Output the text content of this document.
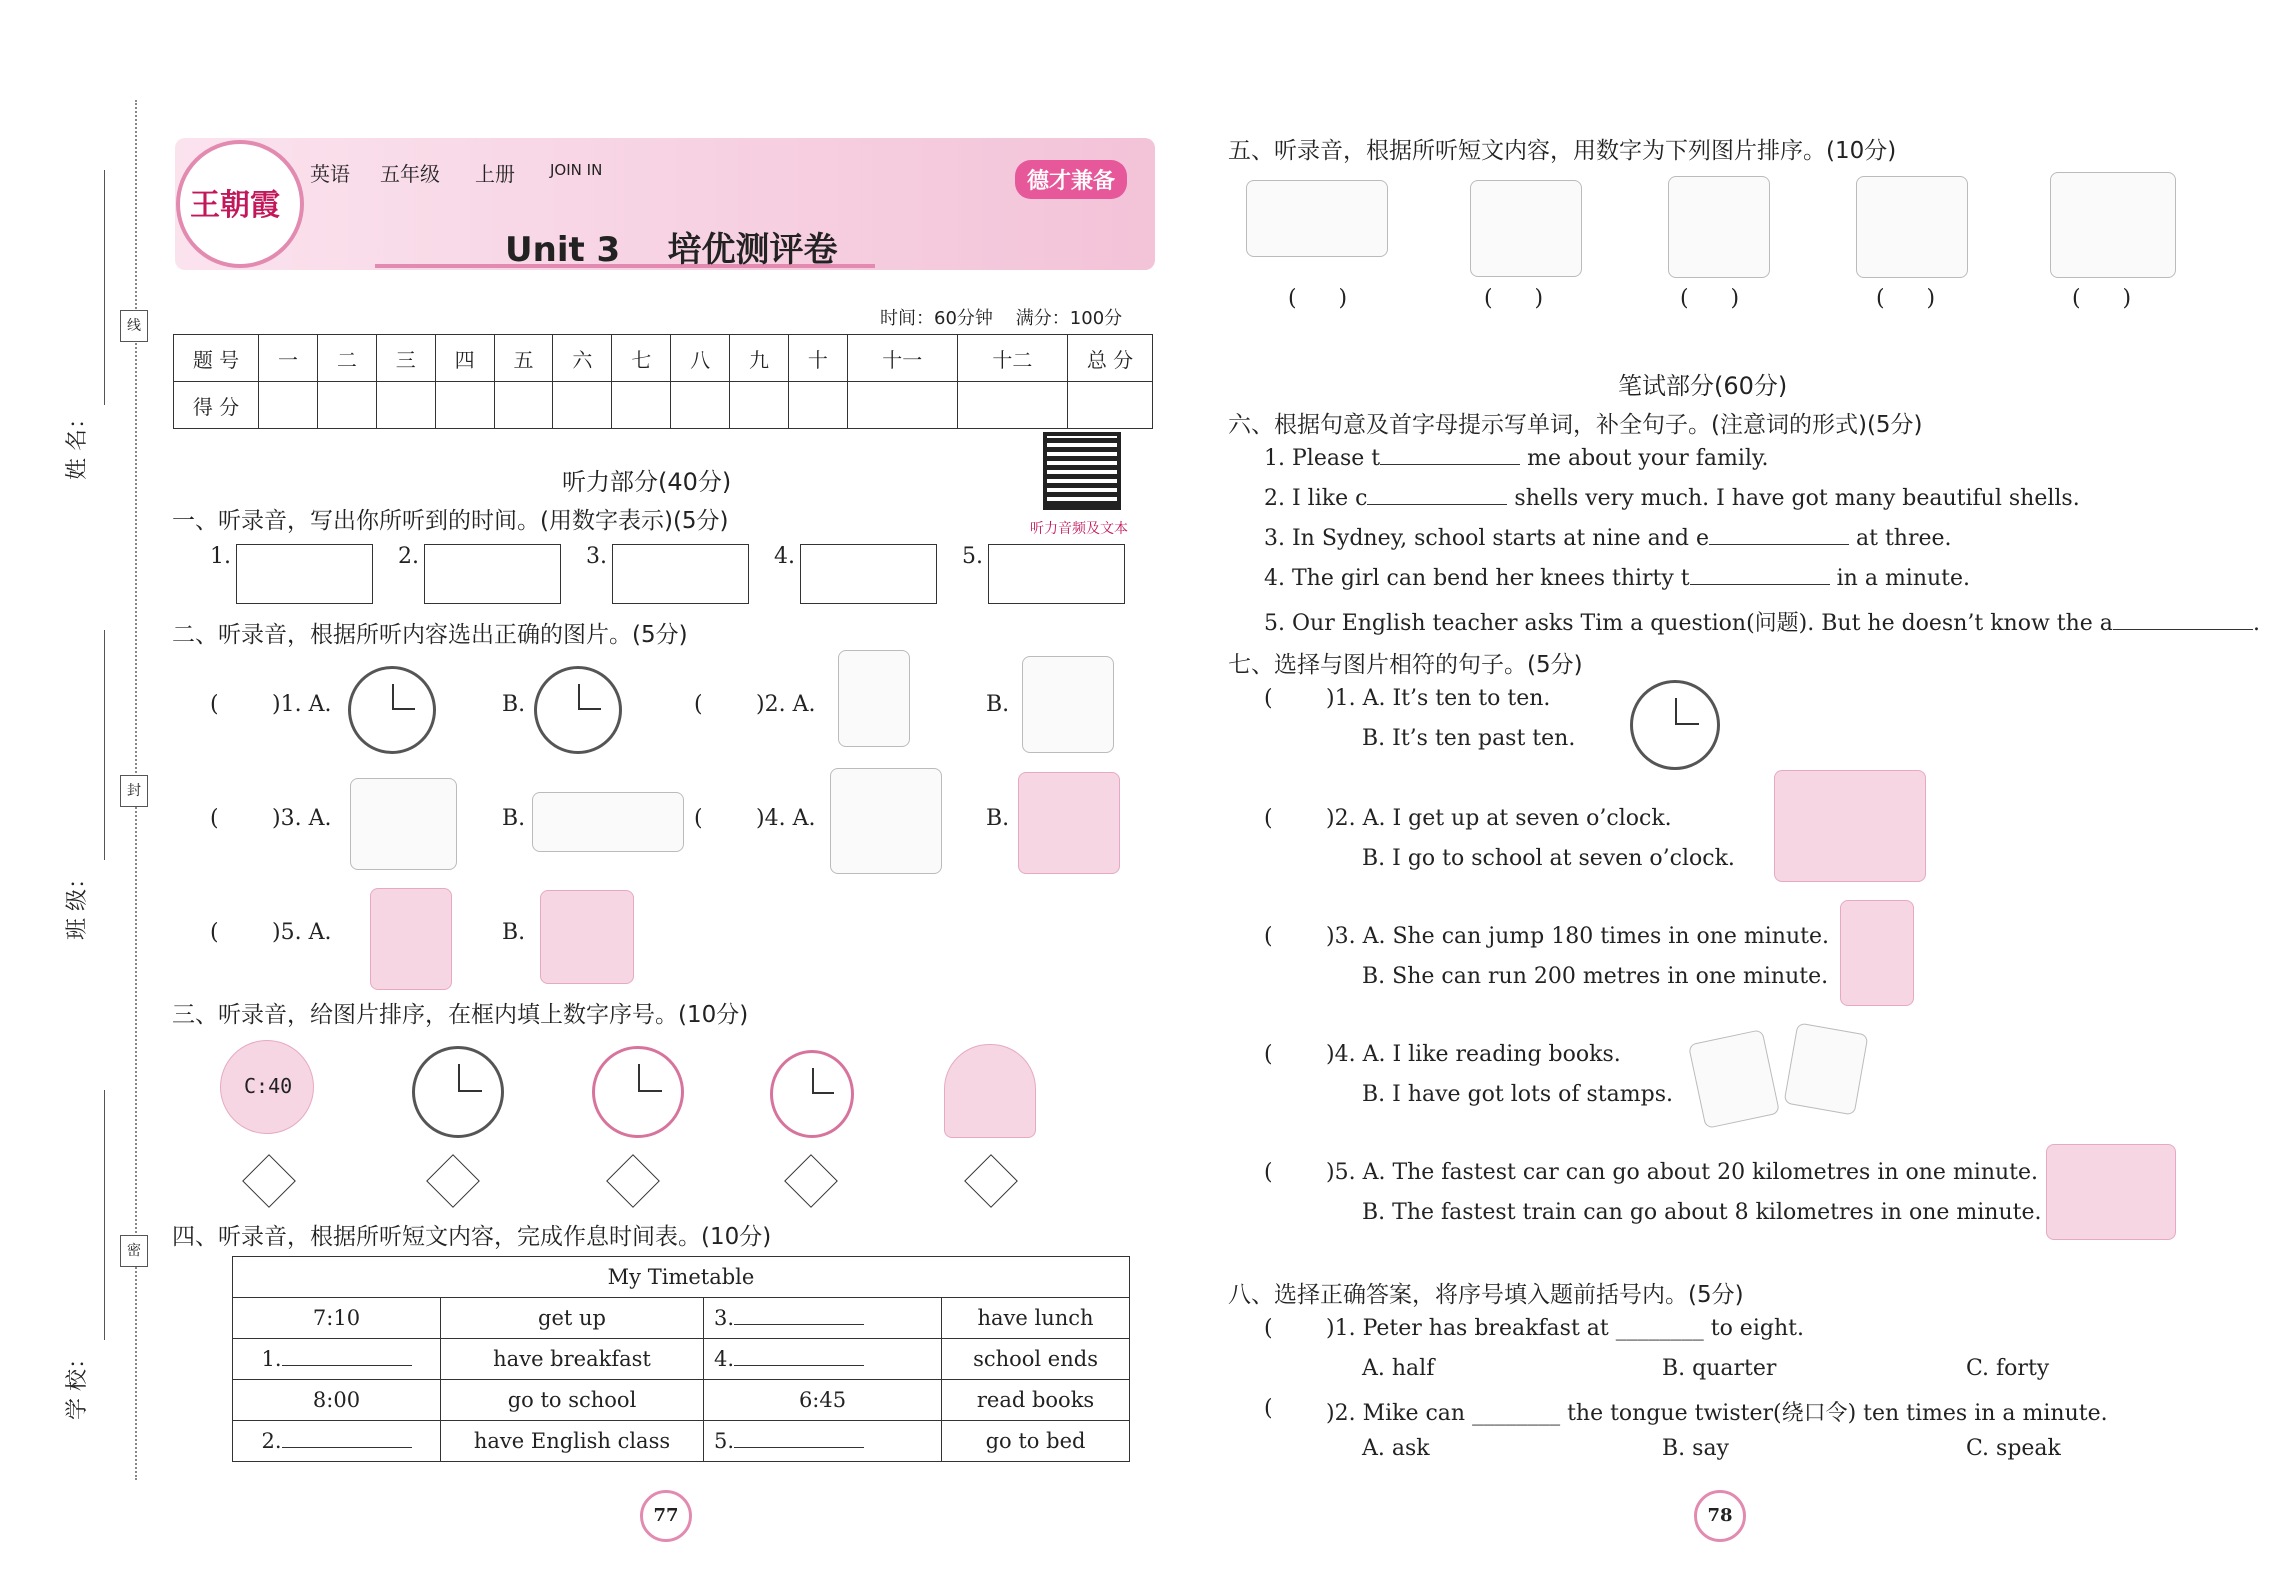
姓 名：
班 级：
学 校：
线
封
密
王朝霞
英语 五年级 上册 JOIN IN	德才兼备
Unit 3    培优测评卷
时间：60分钟    满分：100分
题 号	一	二	三	四	五	六	七	八	九	十	十一	十二	总 分
得 分													
听力部分(40分)
听力音频及文本
一、听录音，写出你所听到的时间。(用数字表示)(5分)
1.	2.	3.	4.	5.
二、听录音，根据所听内容选出正确的图片。(5分)
( )1. A.	B.	( )2. A.	B.
( )3. A.	B.	( )4. A.	B.
( )5. A.	B.
三、听录音，给图片排序，在框内填上数字序号。(10分)
C:40
四、听录音，根据所听短文内容，完成作息时间表。(10分)
My Timetable			
7:10	get up	3.	have lunch
1.	have breakfast	4.	school ends
8:00	go to school	6:45	read books
2.	have English class	5.	go to bed
77
五、听录音，根据所听短文内容，用数字为下列图片排序。(10分)
(      )	(      )	(      )	(      )	(      )
笔试部分(60分)
六、根据句意及首字母提示写单词，补全句子。(注意词的形式)(5分)
1. Please t	me about your family.
2. I like c	shells very much. I have got many beautiful shells.
3. In Sydney, school starts at nine and e	at three.
4. The girl can bend her knees thirty t	in a minute.
5. Our English teacher asks Tim a question(问题). But he doesn’t know the a	.
七、选择与图片相符的句子。(5分)
( )1. A. It’s ten to ten.
B. It’s ten past ten.
( )2. A. I get up at seven o’clock.
B. I go to school at seven o’clock.
( )3. A. She can jump 180 times in one minute.
B. She can run 200 metres in one minute.
( )4. A. I like reading books.
B. I have got lots of stamps.
( )5. A. The fastest car can go about 20 kilometres in one minute.
B. The fastest train can go about 8 kilometres in one minute.
八、选择正确答案，将序号填入题前括号内。(5分)
( )1. Peter has breakfast at ________ to eight.
A. half	B. quarter	C. forty
( )2. Mike can ________ the tongue twister(绕口令) ten times in a minute.
A. ask	B. say	C. speak
78
